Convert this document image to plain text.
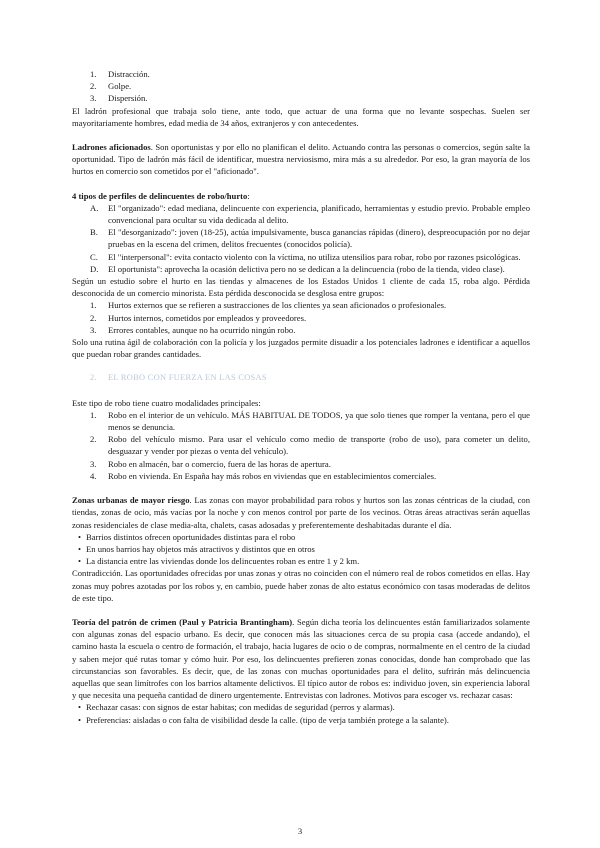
1.	Distracción.
2.	Golpe.
3.	Dispersión.

El ladrón profesional que trabaja solo tiene, ante todo, que actuar de una forma que no levante sospechas. Suelen ser mayoritariamente hombres, edad media de 34 años, extranjeros y con antecedentes.

Ladrones aficionados. Son oportunistas y por ello no planifican el delito. Actuando contra las personas o comercios, según salte la oportunidad. Tipo de ladrón más fácil de identificar, muestra nerviosismo, mira más a su alrededor. Por eso, la gran mayoría de los hurtos en comercio son cometidos por el "aficionado".

4 tipos de perfiles de delincuentes de robo/hurto:

A.	El "organizado": edad mediana, delincuente con experiencia, planificado, herramientas y estudio previo. Probable empleo convencional para ocultar su vida dedicada al delito.
B.	El "desorganizado": joven (18-25), actúa impulsivamente, busca ganancias rápidas (dinero), despreocupación por no dejar pruebas en la escena del crimen, delitos frecuentes (conocidos policía).
C.	El "interpersonal": evita contacto violento con la víctima, no utiliza utensilios para robar, robo por razones psicológicas.
D.	El oportunista": aprovecha la ocasión delictiva pero no se dedican a la delincuencia (robo de la tienda, video clase).

Según un estudio sobre el hurto en las tiendas y almacenes de los Estados Unidos 1 cliente de cada 15, roba algo. Pérdida desconocida de un comercio minorista. Esta pérdida desconocida se desglosa entre grupos:

1.	Hurtos externos que se refieren a sustracciones de los clientes ya sean aficionados o profesionales.
2.	Hurtos internos, cometidos por empleados y proveedores.
3.	Errores contables, aunque no ha ocurrido ningún robo.

Solo una rutina ágil de colaboración con la policía y los juzgados permite disuadir a los potenciales ladrones e identificar a aquellos que puedan robar grandes cantidades.

2. EL ROBO CON FUERZA EN LAS COSAS

Este tipo de robo tiene cuatro modalidades principales:

1.	Robo en el interior de un vehículo. MÁS HABITUAL DE TODOS, ya que solo tienes que romper la ventana, pero el que menos se denuncia.
2.	Robo del vehículo mismo. Para usar el vehículo como medio de transporte (robo de uso), para cometer un delito, desguazar y vender por piezas o venta del vehículo).
3.	Robo en almacén, bar o comercio, fuera de las horas de apertura.
4.	Robo en vivienda. En España hay más robos en viviendas que en establecimientos comerciales.

Zonas urbanas de mayor riesgo. Las zonas con mayor probabilidad para robos y hurtos son las zonas céntricas de la ciudad, con tiendas, zonas de ocio, más vacías por la noche y con menos control por parte de los vecinos. Otras áreas atractivas serán aquellas zonas residenciales de clase media-alta, chalets, casas adosadas y preferentemente deshabitadas durante el día.

• Barrios distintos ofrecen oportunidades distintas para el robo
• En unos barrios hay objetos más atractivos y distintos que en otros
• La distancia entre las viviendas donde los delincuentes roban es entre 1 y 2 km.

Contradicción. Las oportunidades ofrecidas por unas zonas y otras no coinciden con el número real de robos cometidos en ellas. Hay zonas muy pobres azotadas por los robos y, en cambio, puede haber zonas de alto estatus económico con tasas moderadas de delitos de este tipo.

Teoría del patrón de crimen (Paul y Patricia Brantingham). Según dicha teoría los delincuentes están familiarizados solamente con algunas zonas del espacio urbano. Es decir, que conocen más las situaciones cerca de su propia casa (accede andando), el camino hasta la escuela o centro de formación, el trabajo, hacia lugares de ocio o de compras, normalmente en el centro de la ciudad y saben mejor qué rutas tomar y cómo huir. Por eso, los delincuentes prefieren zonas conocidas, donde han comprobado que las circunstancias son favorables. Es decir, que, de las zonas con muchas oportunidades para el delito, sufrirán más delincuencia aquellas que sean limítrofes con los barrios altamente delictivos. El típico autor de robos es: individuo joven, sin experiencia laboral y que necesita una pequeña cantidad de dinero urgentemente. Entrevistas con ladrones. Motivos para escoger vs. rechazar casas:

• Rechazar casas: con signos de estar habitas; con medidas de seguridad (perros y alarmas).
• Preferencias: aisladas o con falta de visibilidad desde la calle. (tipo de verja también protege a la salante).
3
